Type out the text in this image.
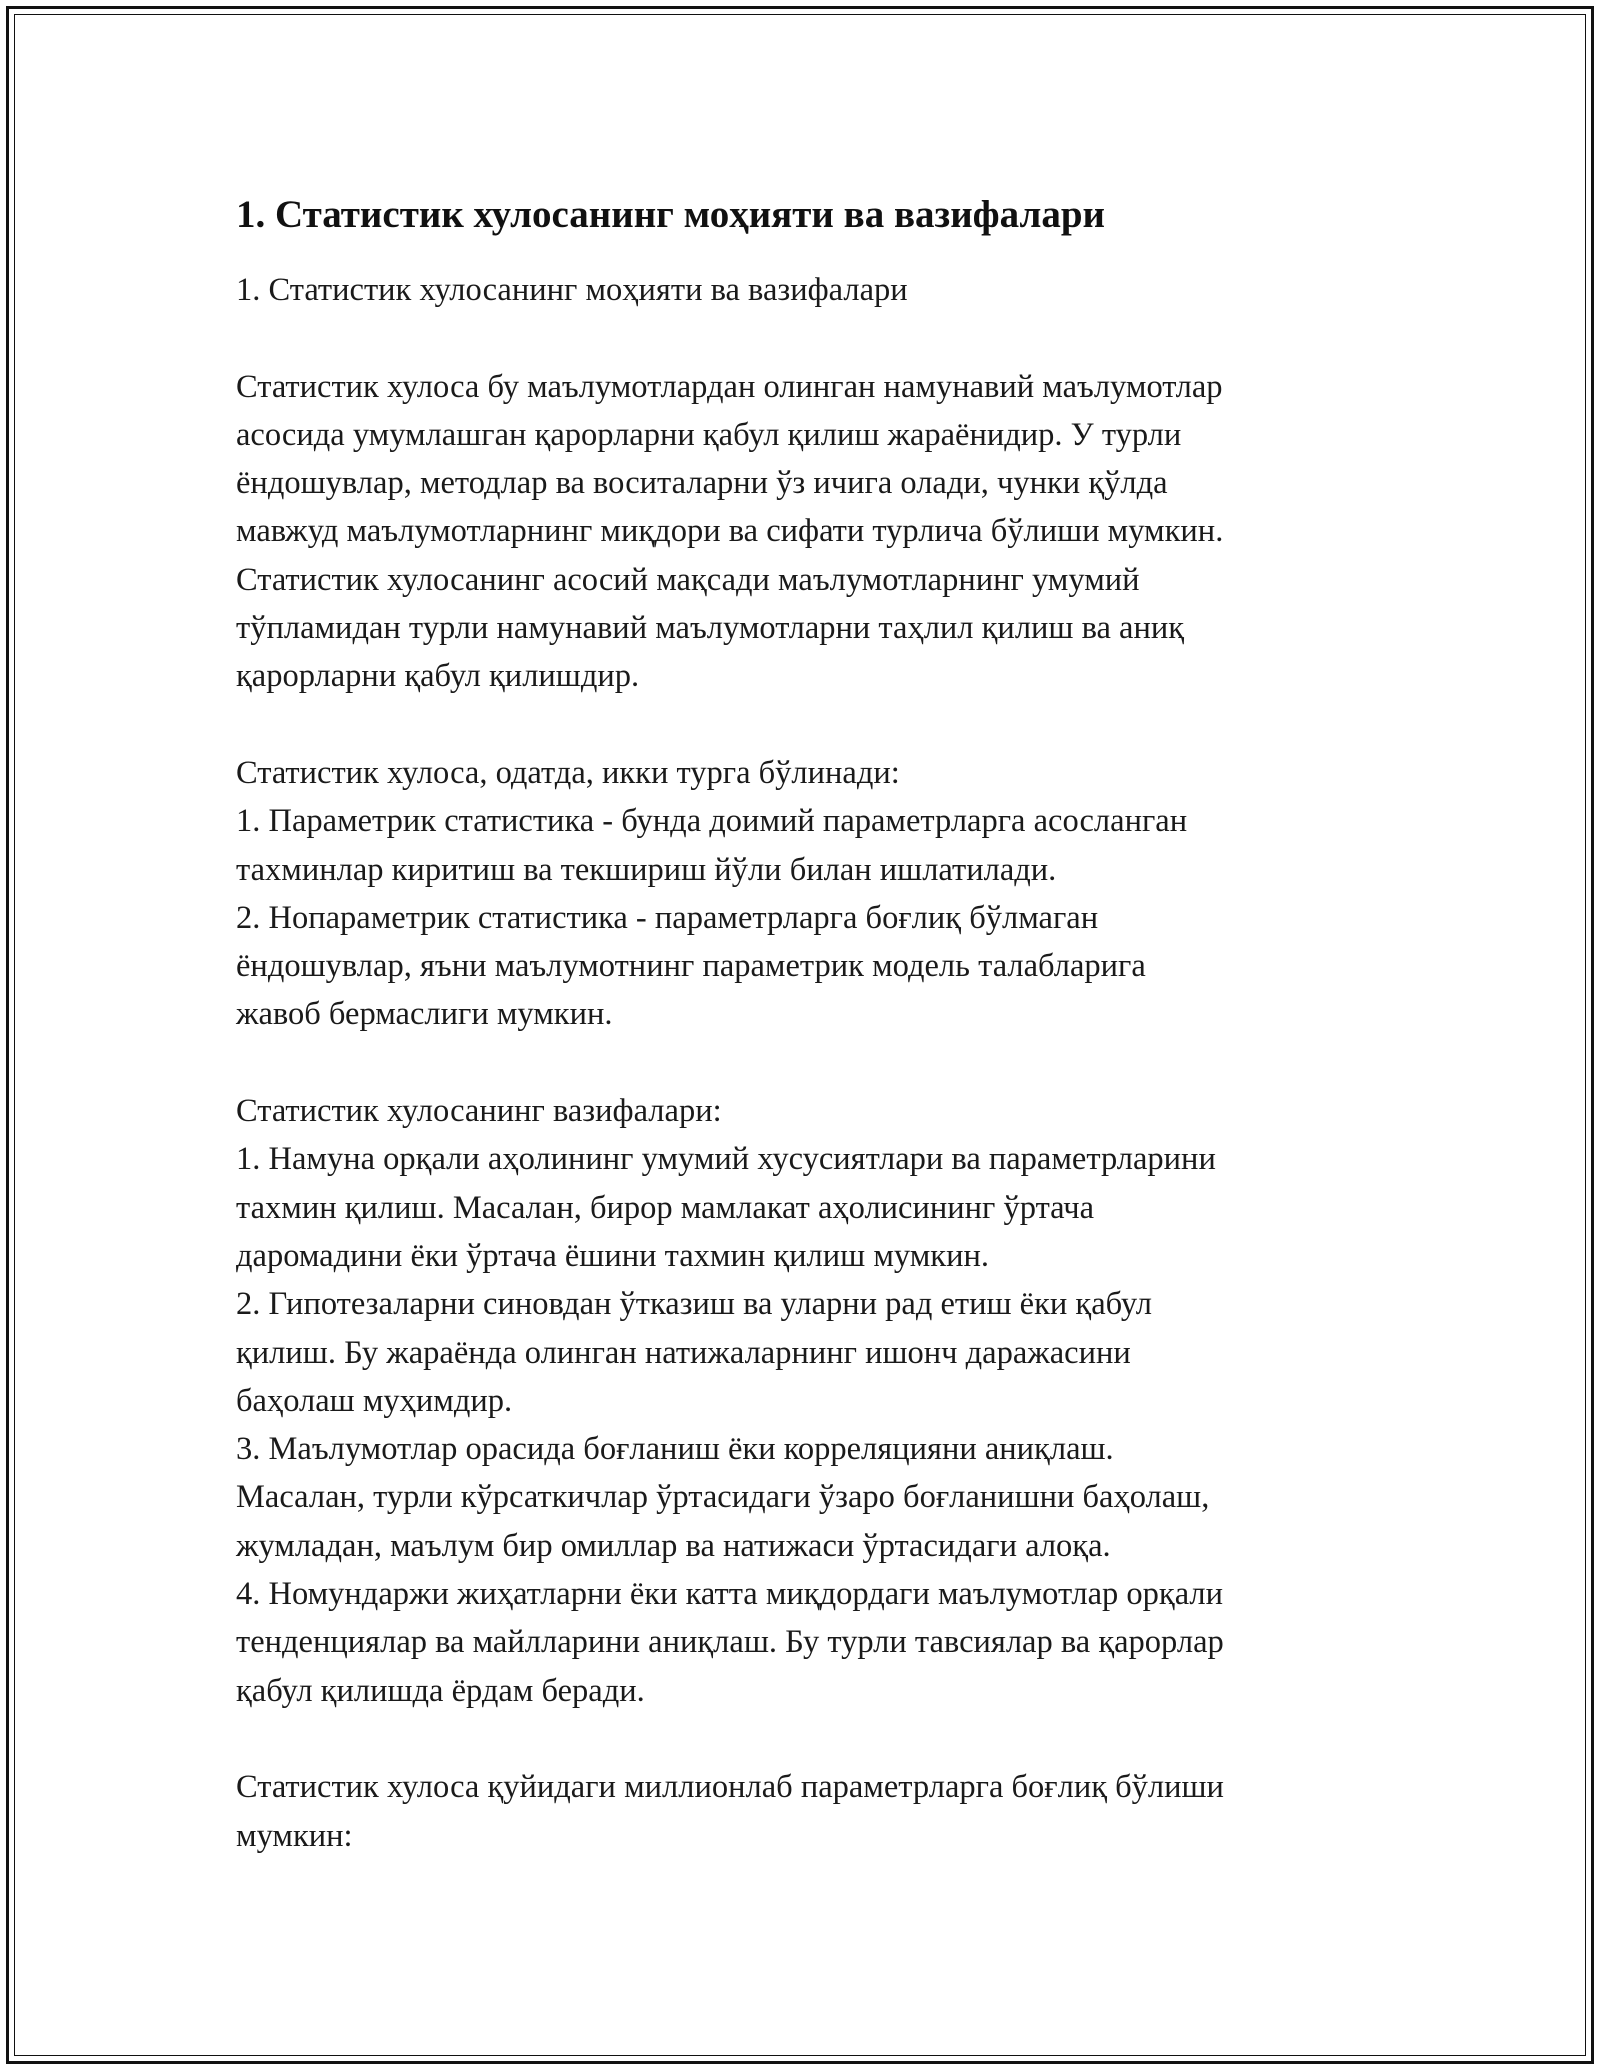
1. Статистик хулосанинг моҳияти ва вазифалари
1. Статистик хулосанинг моҳияти ва вазифалари
Статистик хулоса бу маълумотлардан олинган намунавий маълумотлар
асосида умумлашган қарорларни қабул қилиш жараёнидир. У турли
ёндошувлар, методлар ва воситаларни ўз ичига олади, чунки қўлда
мавжуд маълумотларнинг миқдори ва сифати турлича бўлиши мумкин.
Статистик хулосанинг асосий мақсади маълумотларнинг умумий
тўпламидан турли намунавий маълумотларни таҳлил қилиш ва аниқ
қарорларни қабул қилишдир.
Статистик хулоса, одатда, икки турга бўлинади:
1. Параметрик статистика - бунда доимий параметрларга асосланган
тахминлар киритиш ва текшириш йўли билан ишлатилади.
2. Нопараметрик статистика - параметрларга боғлиқ бўлмаган
ёндошувлар, яъни маълумотнинг параметрик модель талабларига
жавоб бермаслиги мумкин.
Статистик хулосанинг вазифалари:
1. Намуна орқали аҳолининг умумий хусусиятлари ва параметрларини
тахмин қилиш. Масалан, бирор мамлакат аҳолисининг ўртача
даромадини ёки ўртача ёшини тахмин қилиш мумкин.
2. Гипотезаларни синовдан ўтказиш ва уларни рад етиш ёки қабул
қилиш. Бу жараёнда олинган натижаларнинг ишонч даражасини
баҳолаш муҳимдир.
3. Маълумотлар орасида боғланиш ёки корреляцияни аниқлаш.
Масалан, турли кўрсаткичлар ўртасидаги ўзаро боғланишни баҳолаш,
жумладан, маълум бир омиллар ва натижаси ўртасидаги алоқа.
4. Номундаржи жиҳатларни ёки катта миқдордаги маълумотлар орқали
тенденциялар ва майлларини аниқлаш. Бу турли тавсиялар ва қарорлар
қабул қилишда ёрдам беради.
Статистик хулоса қуйидаги миллионлаб параметрларга боғлиқ бўлиши
мумкин:
